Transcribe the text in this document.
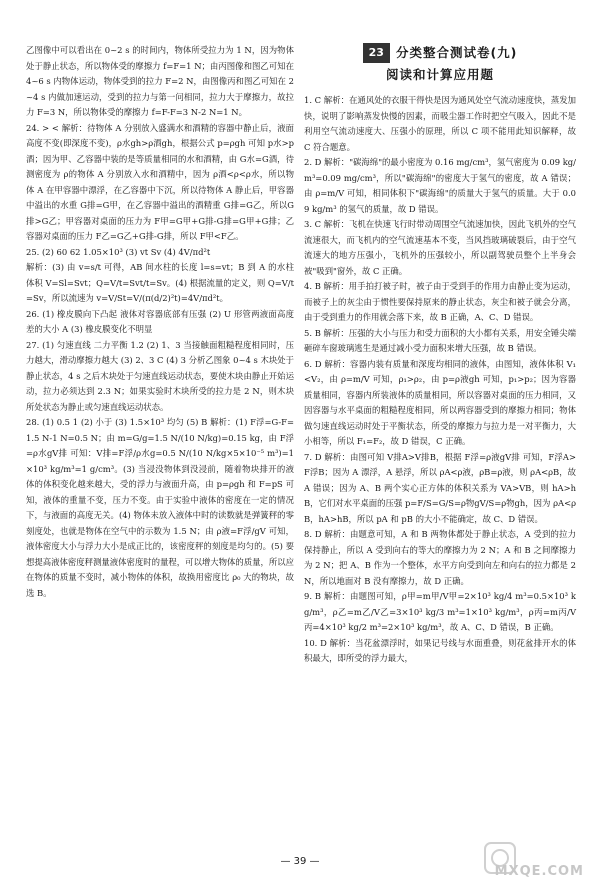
乙图像中可以看出在 0~2 s 的时间内，物体所受拉力为 1 N，因为物体处于静止状态，所以物体受的摩擦力 f=F=1 N；由丙图像和图乙可知在 4~6 s 内物体运动，物体受到的拉力 F=2 N，由图像丙和图乙可知在 2~4 s 内做加速运动，受到的拉力与第一问相同，拉力大于摩擦力，故拉力 F=3 N，所以物体受的摩擦力 f=F-F=3 N-2 N=1 N。

24. > < 解析：待物体 A 分别放入盛满水和酒精的容器中静止后，液面高度不变(即深度不变)，ρ水gh>ρ酒gh，根据公式 p=ρgh 可知 p水>p酒；因为甲、乙容器中装的是等质量相同的水和酒精，由 G水=G酒，待测密度为 ρ的物体 A 分别放入水和酒精中，因为 ρ酒<ρ<ρ水，所以物体 A 在甲容器中漂浮，在乙容器中下沉，所以待物体 A 静止后，甲容器中溢出的水重 G排=G甲，在乙容器中溢出的酒精重 G排=G乙，所以G排>G乙；甲容器对桌面的压力为 F甲=G甲+G排-G排=G甲+G排；乙容器对桌面的压力 F乙=G乙+G排-G排，所以 F甲<F乙。

25. (2) 60 62 1.05×10³ (3) vt Sv (4) 4V/πd²t

解析：(3) 由 v=s/t 可得，AB 间水柱的长度 l=s=vt；B 到 A 的水柱体积 V=Sl=Svt；Q=V/t=Svt/t=Sv。(4) 根据流量的定义，则 Q=V/t=Sv，所以流速为 v=V/St=V/(π(d/2)²t)=4V/πd²t。

26. (1) 橡皮膜向下凸起 液体对容器底部有压强 (2) U 形管两液面高度差的大小 A (3) 橡皮膜变化不明显

27. (1) 匀速直线 二力平衡 1.2 (2) 1、3 当接触面粗糙程度相同时，压力越大，滑动摩擦力越大 (3) 2、3 C (4) 3 分析乙图象 0~4 s 木块处于静止状态，4 s 之后木块处于匀速直线运动状态，要使木块由静止开始运动，拉力必须达到 2.3 N；如果实验时木块所受的拉力是 2 N，则木块所处状态为静止或匀速直线运动状态。

28. (1) 0.5 1 (2) 小于 (3) 1.5×10³ 均匀 (5) B 解析：(1) F浮=G-F=1.5 N-1 N=0.5 N；由 m=G/g=1.5 N/(10 N/kg)=0.15 kg，由 F浮=ρ水gV排 可知：V排=F浮/ρ水g=0.5 N/(10 N/kg×5×10⁻⁵ m³)=1×10³ kg/m³=1 g/cm³。(3) 当浸没物体到没浸前，随着物块排开的液体的体积变化越来越大，受的浮力与液面升高，由 p=ρgh 和 F=pS 可知，液体的重量不变，压力不变。由于实验中液体的密度在一定的情况下，与液面的高度无关。(4) 物体未放入液体中时的读数就是弹簧秤的零刻度处，也就是物体在空气中的示数为 1.5 N；由 ρ液=F浮/gV 可知，液体密度大小与浮力大小是成正比的，该密度秤的刻度是均匀的。(5) 要想提高液体密度秤测量液体密度时的量程，可以增大物体的质量，所以应在物体的质量不变时，减小物体的体积，故换用密度比 ρ₀ 大的物块，故选 B。

23 分类整合测试卷(九)
阅读和计算应用题

1. C 解析：在通风处的衣服干得快是因为通风处空气流动速度快，蒸发加快，说明了影响蒸发快慢的因素，而吸尘器工作时把空气吸入，因此不是利用空气流动速度大、压强小的原理，所以 C 项不能用此知识解释，故 C 符合题意。

2. D 解析："碳海绵"的最小密度为 0.16 mg/cm³，氢气密度为 0.09 kg/m³=0.09 mg/cm³，所以"碳海绵"的密度大于氢气的密度，故 A 错误；由 ρ=m/V 可知，相同体积下"碳海绵"的质量大于氢气的质量。大于 0.09 kg/m³ 的氢气的质量，故 D 错误。

3. C 解析：飞机在快速飞行时带动周围空气流速加快，因此飞机外的空气流速很大，而飞机内的空气流速基本不变，当风挡玻璃破裂后，由于空气流速大的地方压强小，飞机外的压强较小，所以副驾驶员整个上半身会被"吸到"窗外，故 C 正确。

4. B 解析：用手拍打被子时，被子由于受到手的作用力由静止变为运动，而被子上的灰尘由于惯性要保持原来的静止状态，灰尘和被子就会分离，由于受到重力的作用就会落下来，故 B 正确，A、C、D 错误。

5. B 解析：压强的大小与压力和受力面积的大小都有关系，用安全锤尖端砸碎车窗玻璃逃生是通过减小受力面积来增大压强，故 B 错误。

6. D 解析：容器内装有质量和深度均相同的液体，由图知，液体体积 V₁<V₂，由 ρ=m/V 可知，ρ₁>ρ₂，由 p=ρ液gh 可知，p₁>p₂；因为容器质量相同，容器内所装液体的质量相同，所以容器对桌面的压力相同，又因容器与水平桌面的粗糙程度相同，所以两容器受到的摩擦力相同；物体做匀速直线运动时处于平衡状态，所受的摩擦力与拉力是一对平衡力，大小相等，所以 F₁=F₂，故 D 错误，C 正确。

7. D 解析：由图可知 V排A>V排B，根据 F浮=ρ液gV排 可知，F浮A>F浮B；因为 A 漂浮，A 悬浮，所以 ρA<ρ液，ρB=ρ液，则 ρA<ρB，故 A 错误；因为 A、B 两个实心正方体的体积关系为 VA>VB，则 hA>hB，它们对水平桌面的压强 p=F/S=G/S=ρ物gV/S=ρ物gh，因为 ρA<ρB，hA>hB，所以 pA 和 pB 的大小不能确定，故 C、D 错误。

8. D 解析：由题意可知，A 和 B 两物体都处于静止状态，A 受到的拉力保持静止，所以 A 受到向右的等大的摩擦力为 2 N；A 和 B 之间摩擦力为 2 N；把 A、B 作为一个整体，水平方向受到向左和向右的拉力都是 2 N，所以地面对 B 没有摩擦力，故 D 正确。

9. B 解析：由题图可知，ρ甲=m甲/V甲=2×10³ kg/4 m³=0.5×10³ kg/m³，ρ乙=m乙/V乙=3×10³ kg/3 m³=1×10³ kg/m³，ρ丙=m丙/V丙=4×10³ kg/2 m³=2×10³ kg/m³，故 A、C、D 错误，B 正确。

10. D 解析：当花盆漂浮时，如果记号线与水面重叠，则花盆排开水的体积最大，即所受的浮力最大，

— 39 —
MXQE.COM
